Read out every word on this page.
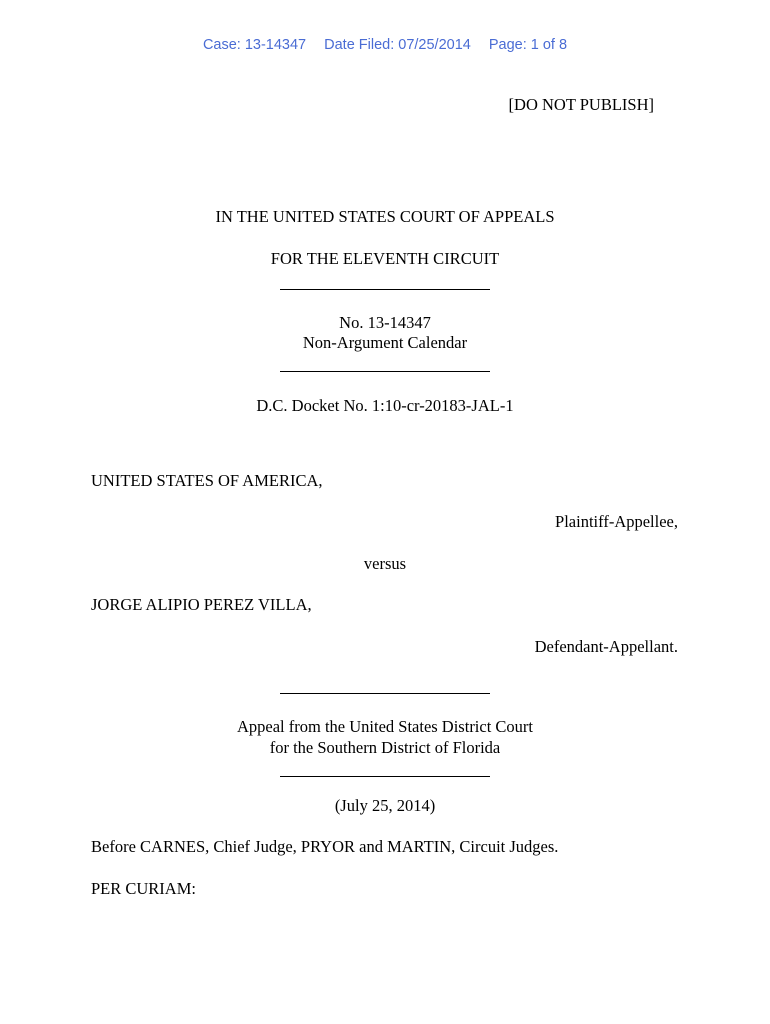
Case: 13-14347 Date Filed: 07/25/2014 Page: 1 of 8
[DO NOT PUBLISH]
IN THE UNITED STATES COURT OF APPEALS
FOR THE ELEVENTH CIRCUIT
No. 13-14347
Non-Argument Calendar
D.C. Docket No. 1:10-cr-20183-JAL-1
UNITED STATES OF AMERICA,
Plaintiff-Appellee,
versus
JORGE ALIPIO PEREZ VILLA,
Defendant-Appellant.
Appeal from the United States District Court
for the Southern District of Florida
(July 25, 2014)
Before CARNES, Chief Judge, PRYOR and MARTIN, Circuit Judges.
PER CURIAM:
